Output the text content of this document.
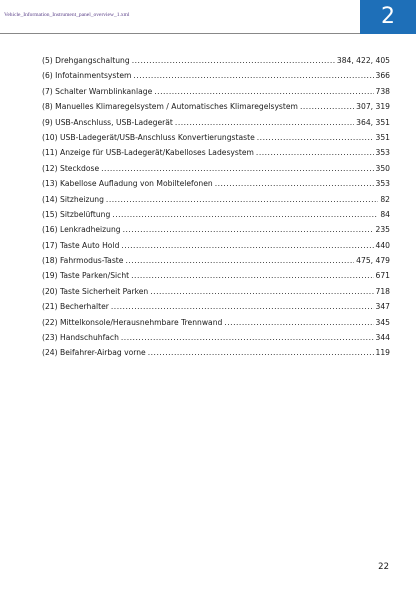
Vehicle_Information_Instrument_panel_overview_1.xml	2
(5) Drehgangschaltung .....	384, 422, 405
(6) Infotainmentsystem .....	366
(7) Schalter Warnblinkanlage .....	738
(8) Manuelles Klimaregelsystem / Automatisches Klimaregelsystem .....	307, 319
(9) USB-Anschluss, USB-Ladegerät .....	364, 351
(10) USB-Ladegerät/USB-Anschluss Konvertierungstaste .....	351
(11) Anzeige für USB-Ladegerät/Kabelloses Ladesystem .....	353
(12) Steckdose .....	350
(13) Kabellose Aufladung von Mobiltelefonen .....	353
(14) Sitzheizung .....	82
(15) Sitzbelüftung .....	84
(16) Lenkradheizung .....	235
(17) Taste Auto Hold .....	440
(18) Fahrmodus-Taste .....	475, 479
(19) Taste Parken/Sicht .....	671
(20) Taste Sicherheit Parken .....	718
(21) Becherhalter .....	347
(22) Mittelkonsole/Herausnehmbare Trennwand .....	345
(23) Handschuhfach .....	344
(24) Beifahrer-Airbag vorne .....	119
22
